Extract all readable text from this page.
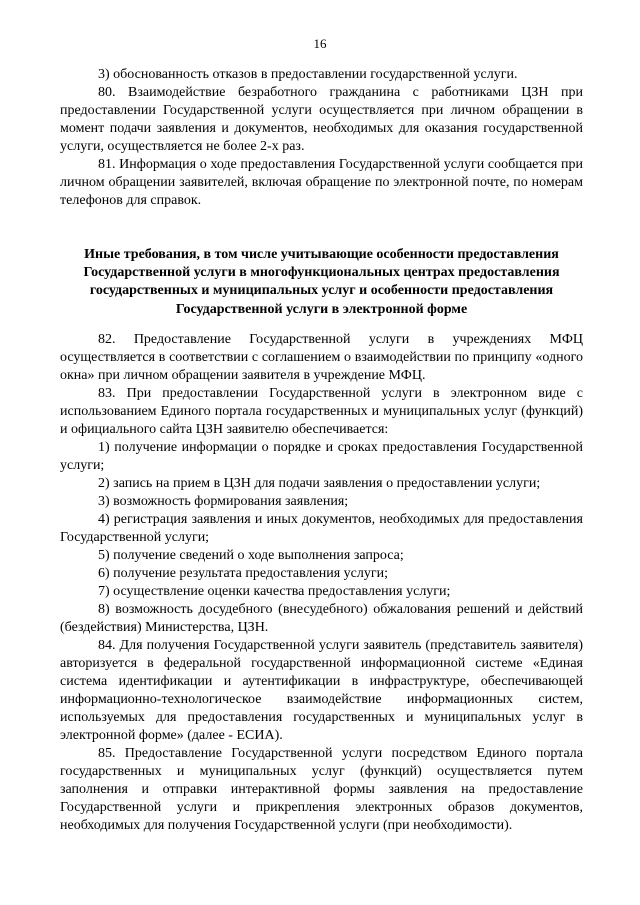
16

3) обоснованность отказов в предоставлении государственной услуги.

80. Взаимодействие безработного гражданина с работниками ЦЗН при предоставлении Государственной услуги осуществляется при личном обращении в момент подачи заявления и документов, необходимых для оказания государственной услуги, осуществляется не более 2-х раз.

81. Информация о ходе предоставления Государственной услуги сообщается при личном обращении заявителей, включая обращение по электронной почте, по номерам телефонов для справок.

Иные требования, в том числе учитывающие особенности предоставления Государственной услуги в многофункциональных центрах предоставления государственных и муниципальных услуг и особенности предоставления Государственной услуги в электронной форме

82. Предоставление Государственной услуги в учреждениях МФЦ осуществляется в соответствии с соглашением о взаимодействии по принципу «одного окна» при личном обращении заявителя в учреждение МФЦ.

83. При предоставлении Государственной услуги в электронном виде с использованием Единого портала государственных и муниципальных услуг (функций) и официального сайта ЦЗН заявителю обеспечивается:

1) получение информации о порядке и сроках предоставления Государственной услуги;

2) запись на прием в ЦЗН для подачи заявления о предоставлении услуги;

3) возможность формирования заявления;

4) регистрация заявления и иных документов, необходимых для предоставления Государственной услуги;

5) получение сведений о ходе выполнения запроса;

6) получение результата предоставления услуги;

7) осуществление оценки качества предоставления услуги;

8) возможность досудебного (внесудебного) обжалования решений и действий (бездействия) Министерства, ЦЗН.

84. Для получения Государственной услуги заявитель (представитель заявителя) авторизуется в федеральной государственной информационной системе «Единая система идентификации и аутентификации в инфраструктуре, обеспечивающей информационно-технологическое взаимодействие информационных систем, используемых для предоставления государственных и муниципальных услуг в электронной форме» (далее - ЕСИА).

85. Предоставление Государственной услуги посредством Единого портала государственных и муниципальных услуг (функций) осуществляется путем заполнения и отправки интерактивной формы заявления на предоставление Государственной услуги и прикрепления электронных образов документов, необходимых для получения Государственной услуги (при необходимости).
